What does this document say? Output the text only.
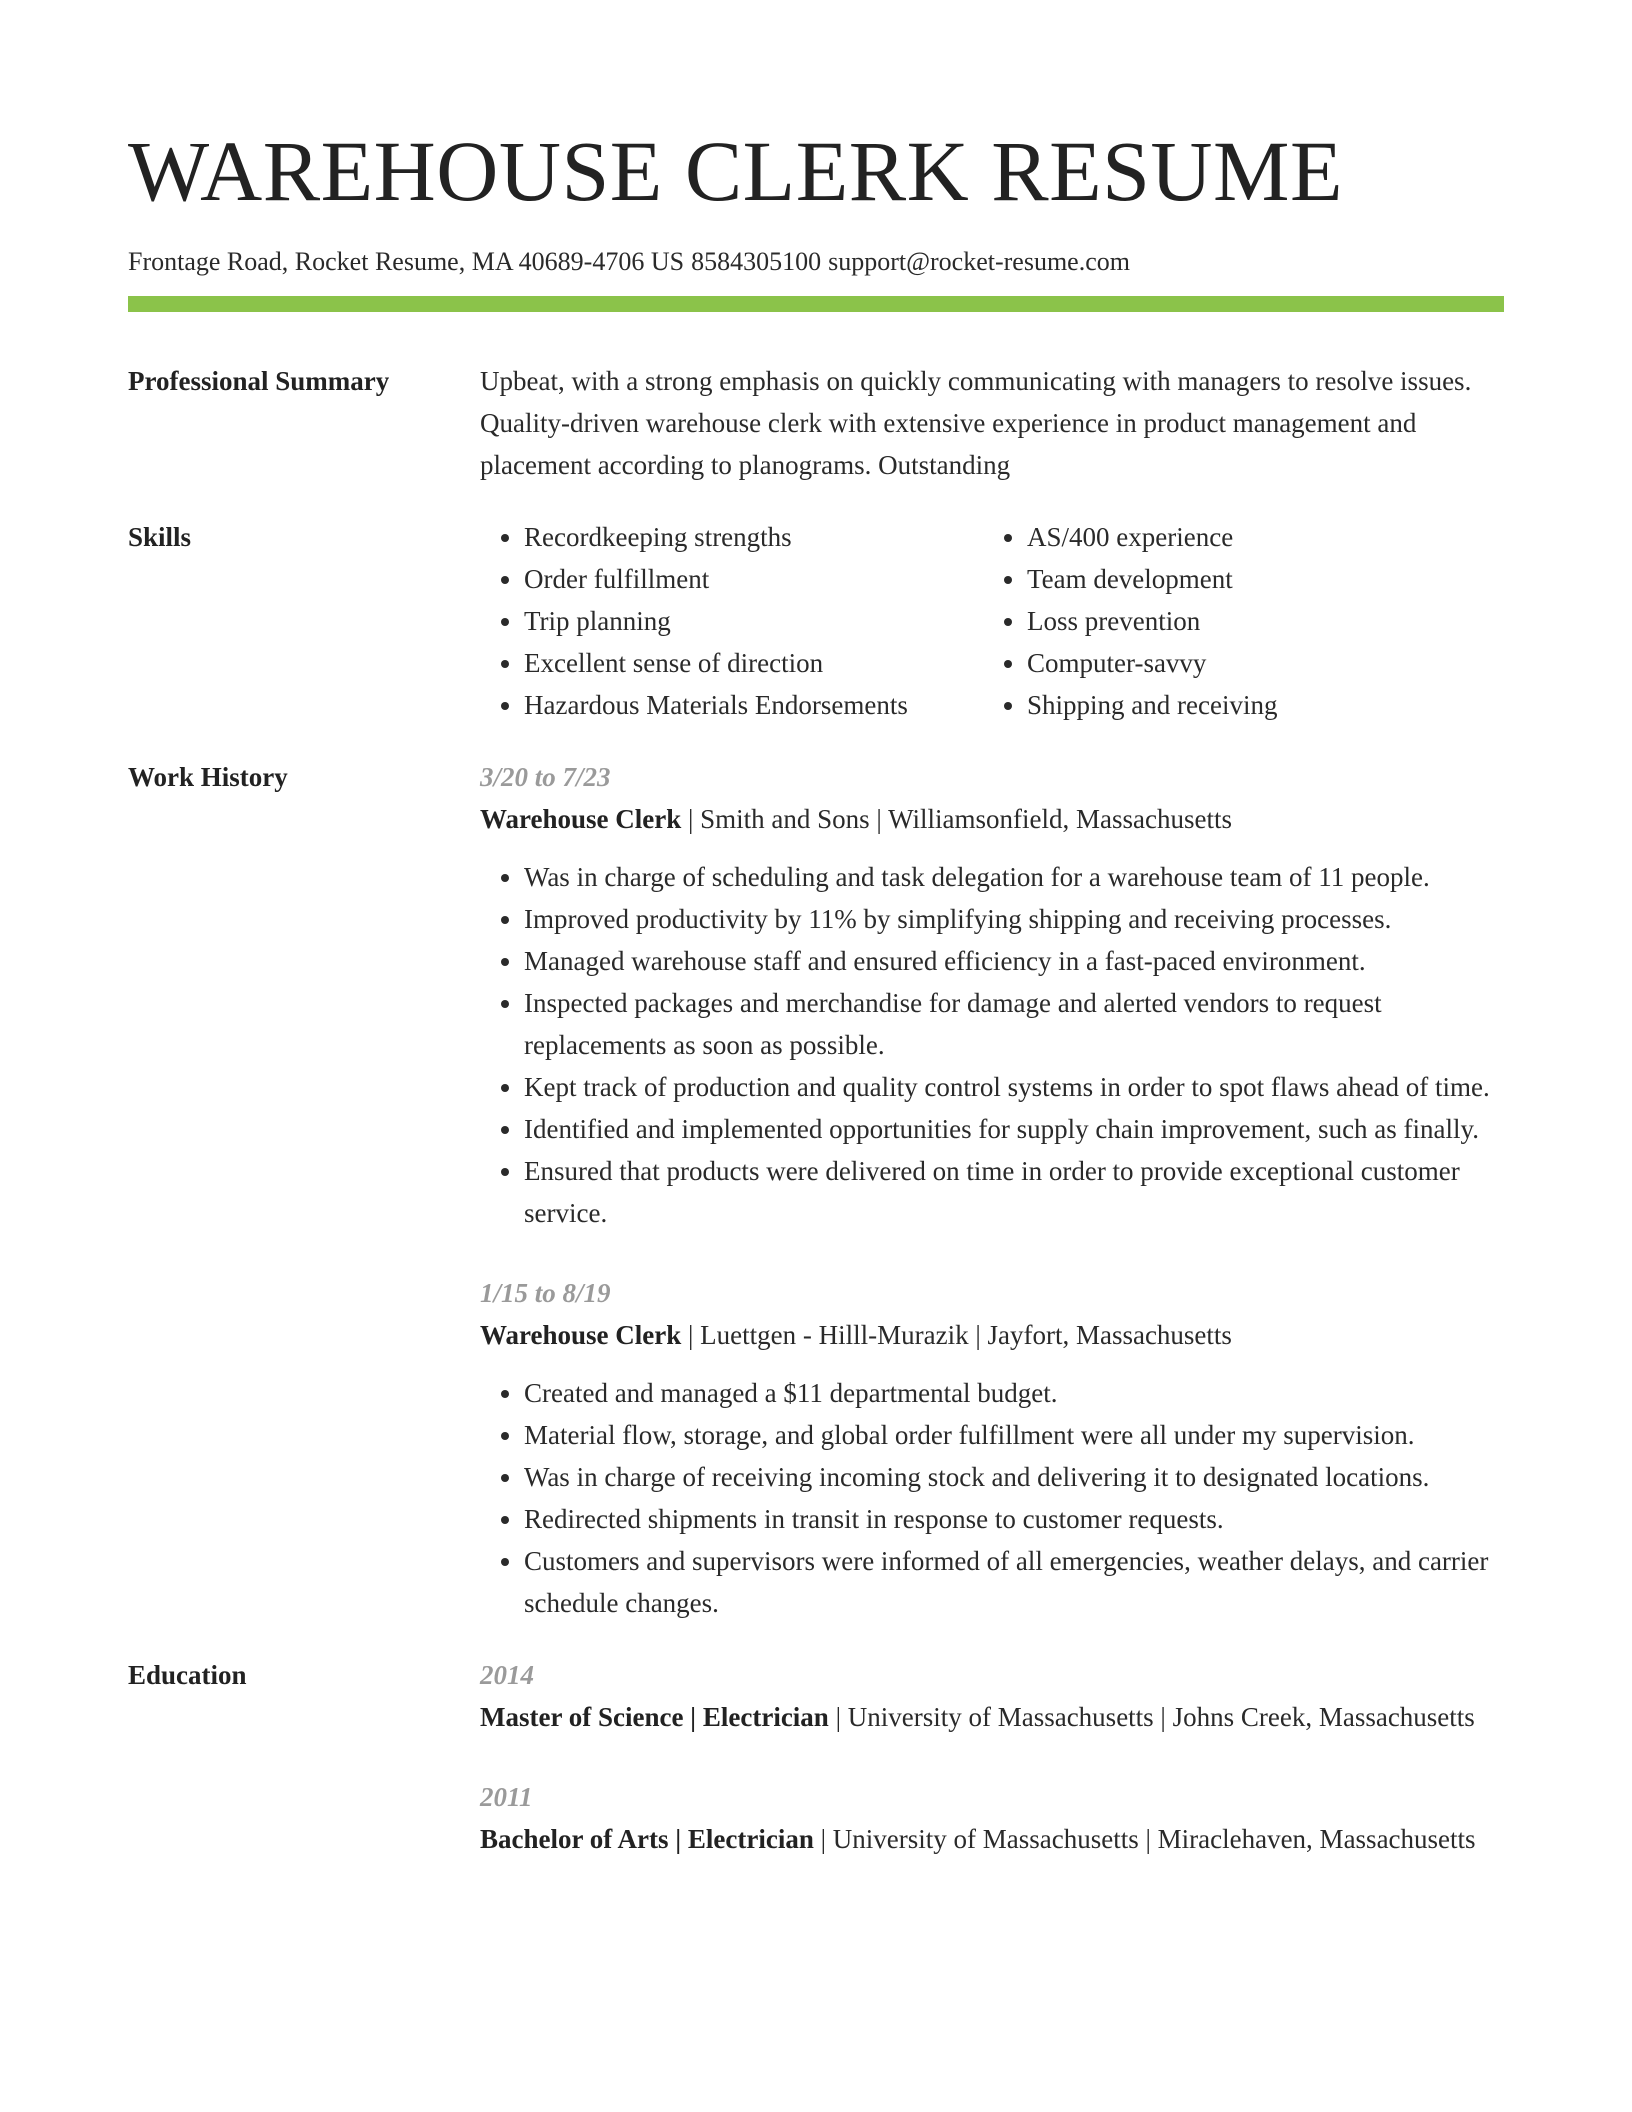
WAREHOUSE CLERK RESUME
Frontage Road, Rocket Resume, MA 40689-4706 US 8584305100 support@rocket-resume.com
Professional Summary	Upbeat, with a strong emphasis on quickly communicating with managers to resolve issues. Quality-driven warehouse clerk with extensive experience in product management and placement according to planograms. Outstanding
Skills
•	Recordkeeping strengths
• Order fulfillment
• Trip planning
• Excellent sense of direction
• Hazardous Materials Endorsements
• AS/400 experience
• Team development
• Loss prevention
• Computer-savvy
• Shipping and receiving
Work History	3/20 to 7/23
Warehouse Clerk | Smith and Sons | Williamsonfield, Massachusetts
• Was in charge of scheduling and task delegation for a warehouse team of 11 people.
• Improved productivity by 11% by simplifying shipping and receiving processes.
• Managed warehouse staff and ensured efficiency in a fast-paced environment.
• Inspected packages and merchandise for damage and alerted vendors to request replacements as soon as possible.
• Kept track of production and quality control systems in order to spot flaws ahead of time.
• Identified and implemented opportunities for supply chain improvement, such as finally.
• Ensured that products were delivered on time in order to provide exceptional customer service.
1/15 to 8/19
Warehouse Clerk | Luettgen - Hilll-Murazik | Jayfort, Massachusetts
• Created and managed a $11 departmental budget.
• Material flow, storage, and global order fulfillment were all under my supervision.
• Was in charge of receiving incoming stock and delivering it to designated locations.
• Redirected shipments in transit in response to customer requests.
• Customers and supervisors were informed of all emergencies, weather delays, and carrier schedule changes.
Education	2014
Master of Science | Electrician | University of Massachusetts | Johns Creek, Massachusetts
2011
Bachelor of Arts | Electrician | University of Massachusetts | Miraclehaven, Massachusetts
